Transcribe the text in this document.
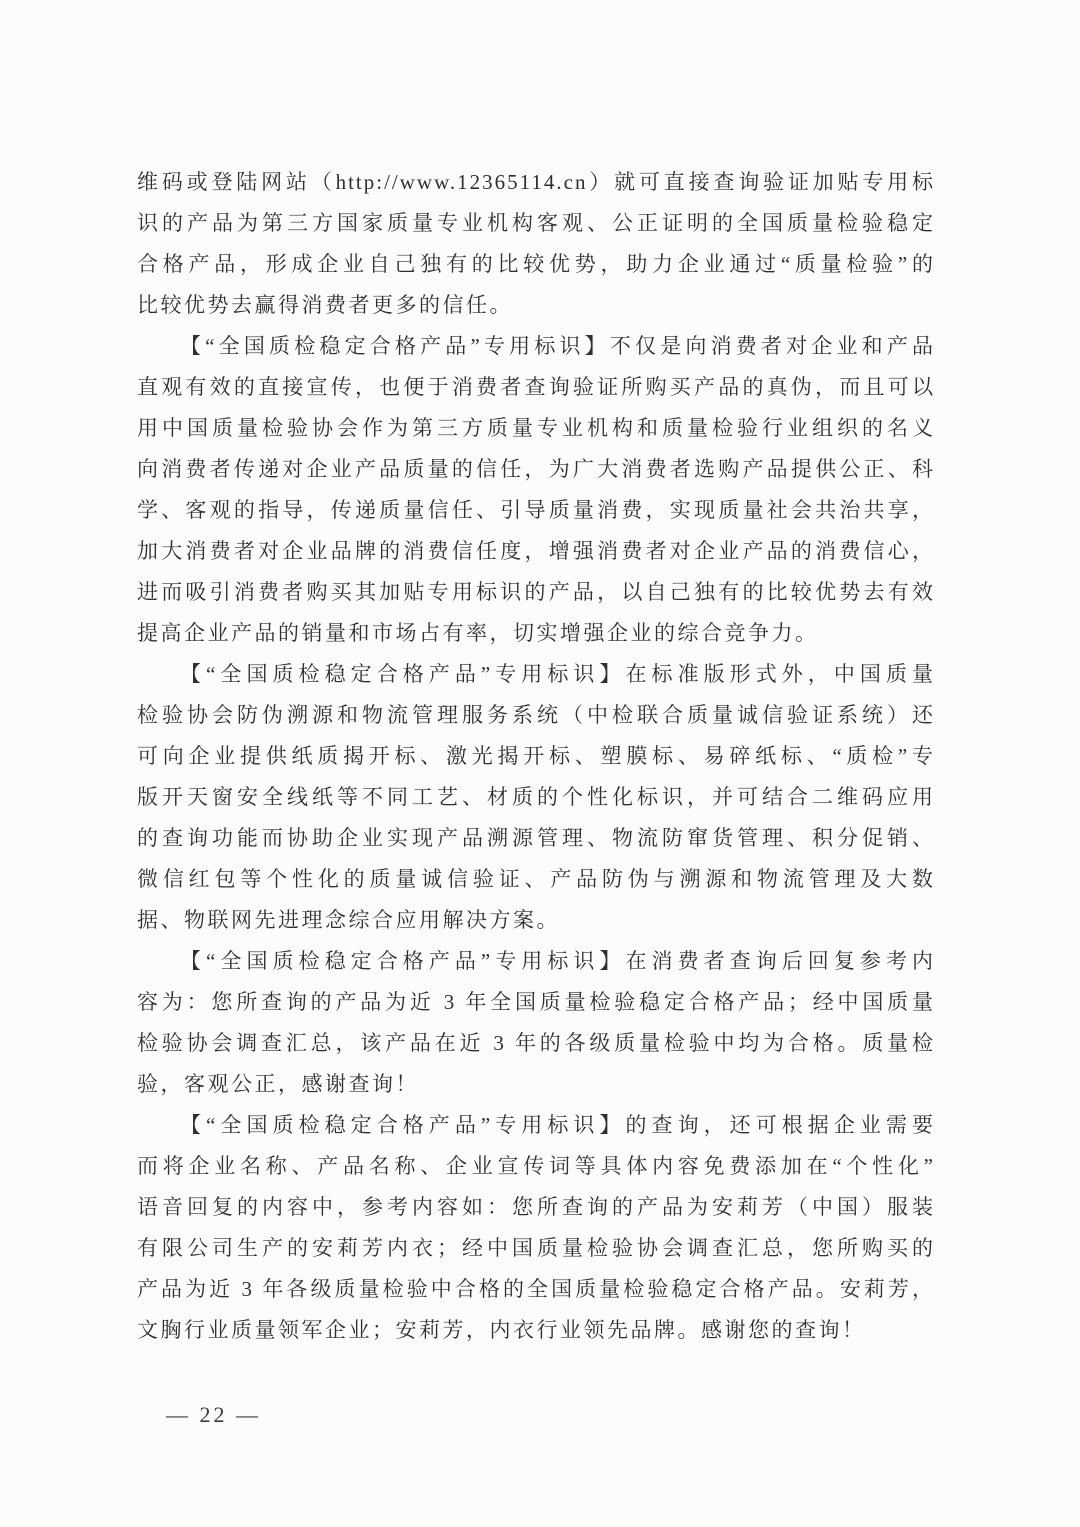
维码或登陆网站（http://www.12365114.cn）就可直接查询验证加贴专用标
识的产品为第三方国家质量专业机构客观、公正证明的全国质量检验稳定
合格产品，形成企业自己独有的比较优势，助力企业通过“质量检验”的
比较优势去赢得消费者更多的信任。
【“全国质检稳定合格产品”专用标识】不仅是向消费者对企业和产品
直观有效的直接宣传，也便于消费者查询验证所购买产品的真伪，而且可以
用中国质量检验协会作为第三方质量专业机构和质量检验行业组织的名义
向消费者传递对企业产品质量的信任，为广大消费者选购产品提供公正、科
学、客观的指导，传递质量信任、引导质量消费，实现质量社会共治共享，
加大消费者对企业品牌的消费信任度，增强消费者对企业产品的消费信心，
进而吸引消费者购买其加贴专用标识的产品，以自己独有的比较优势去有效
提高企业产品的销量和市场占有率，切实增强企业的综合竞争力。
【“全国质检稳定合格产品”专用标识】在标准版形式外，中国质量
检验协会防伪溯源和物流管理服务系统（中检联合质量诚信验证系统）还
可向企业提供纸质揭开标、激光揭开标、塑膜标、易碎纸标、“质检”专
版开天窗安全线纸等不同工艺、材质的个性化标识，并可结合二维码应用
的查询功能而协助企业实现产品溯源管理、物流防窜货管理、积分促销、
微信红包等个性化的质量诚信验证、产品防伪与溯源和物流管理及大数
据、物联网先进理念综合应用解决方案。
【“全国质检稳定合格产品”专用标识】在消费者查询后回复参考内
容为：您所查询的产品为近 3 年全国质量检验稳定合格产品；经中国质量
检验协会调查汇总，该产品在近 3 年的各级质量检验中均为合格。质量检
验，客观公正，感谢查询！
【“全国质检稳定合格产品”专用标识】的查询，还可根据企业需要
而将企业名称、产品名称、企业宣传词等具体内容免费添加在“个性化”
语音回复的内容中，参考内容如：您所查询的产品为安莉芳（中国）服装
有限公司生产的安莉芳内衣；经中国质量检验协会调查汇总，您所购买的
产品为近 3 年各级质量检验中合格的全国质量检验稳定合格产品。安莉芳，
文胸行业质量领军企业；安莉芳，内衣行业领先品牌。感谢您的查询！
— 22 —
